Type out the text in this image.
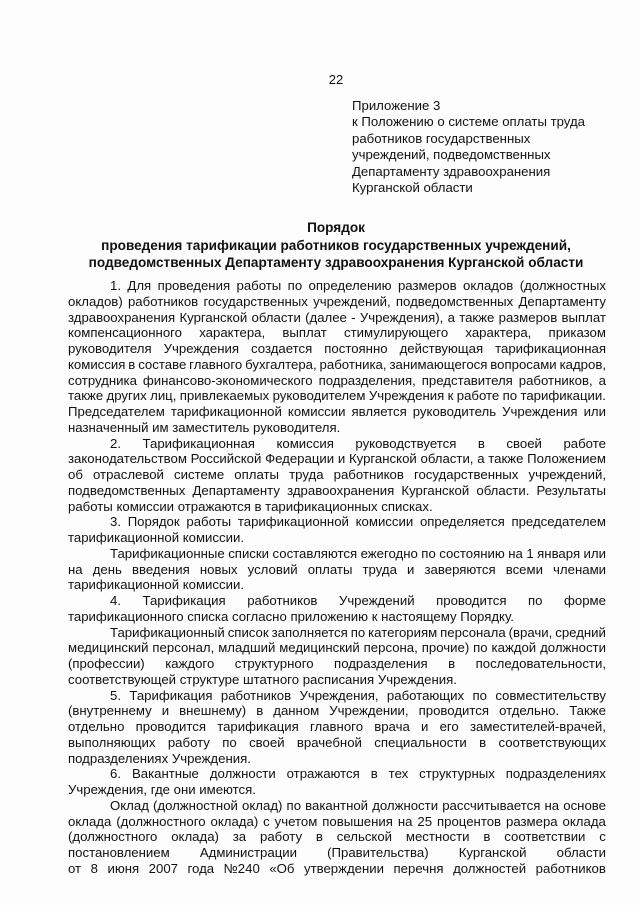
22
Приложение 3
к Положению о системе оплаты труда
работников государственных
учреждений, подведомственных
Департаменту здравоохранения
Курганской области
Порядок
проведения тарификации работников государственных учреждений,
подведомственных Департаменту здравоохранения Курганской области
1. Для проведения работы по определению размеров окладов (должностных
окладов) работников государственных учреждений, подведомственных Департаменту
здравоохранения Курганской области (далее - Учреждения), а также размеров выплат
компенсационного характера, выплат стимулирующего характера, приказом
руководителя Учреждения создается постоянно действующая тарификационная
комиссия в составе главного бухгалтера, работника, занимающегося вопросами кадров,
сотрудника финансово-экономического подразделения, представителя работников, а
также других лиц, привлекаемых руководителем Учреждения к работе по тарификации.
Председателем тарификационной комиссии является руководитель Учреждения или
назначенный им заместитель руководителя.
2. Тарификационная комиссия руководствуется в своей работе
законодательством Российской Федерации и Курганской области, а также Положением
об отраслевой системе оплаты труда работников государственных учреждений,
подведомственных Департаменту здравоохранения Курганской области. Результаты
работы комиссии отражаются в тарификационных списках.
3. Порядок работы тарификационной комиссии определяется председателем
тарификационной комиссии.
Тарификационные списки составляются ежегодно по состоянию на 1 января или
на день введения новых условий оплаты труда и заверяются всеми членами
тарификационной комиссии.
4. Тарификация работников Учреждений проводится по форме
тарификационного списка согласно приложению к настоящему Порядку.
Тарификационный список заполняется по категориям персонала (врачи, средний
медицинский персонал, младший медицинский персона, прочие) по каждой должности
(профессии) каждого структурного подразделения в последовательности,
соответствующей структуре штатного расписания Учреждения.
5. Тарификация работников Учреждения, работающих по совместительству
(внутреннему и внешнему) в данном Учреждении, проводится отдельно. Также
отдельно проводится тарификация главного врача и его заместителей-врачей,
выполняющих работу по своей врачебной специальности в соответствующих
подразделениях Учреждения.
6. Вакантные должности отражаются в тех структурных подразделениях
Учреждения, где они имеются.
Оклад (должностной оклад) по вакантной должности рассчитывается на основе
оклада (должностного оклада) с учетом повышения на 25 процентов размера оклада
(должностного оклада) за работу в сельской местности в соответствии с
постановлением Администрации (Правительства) Курганской области
от 8 июня 2007 года №240 «Об утверждении перечня должностей работников
